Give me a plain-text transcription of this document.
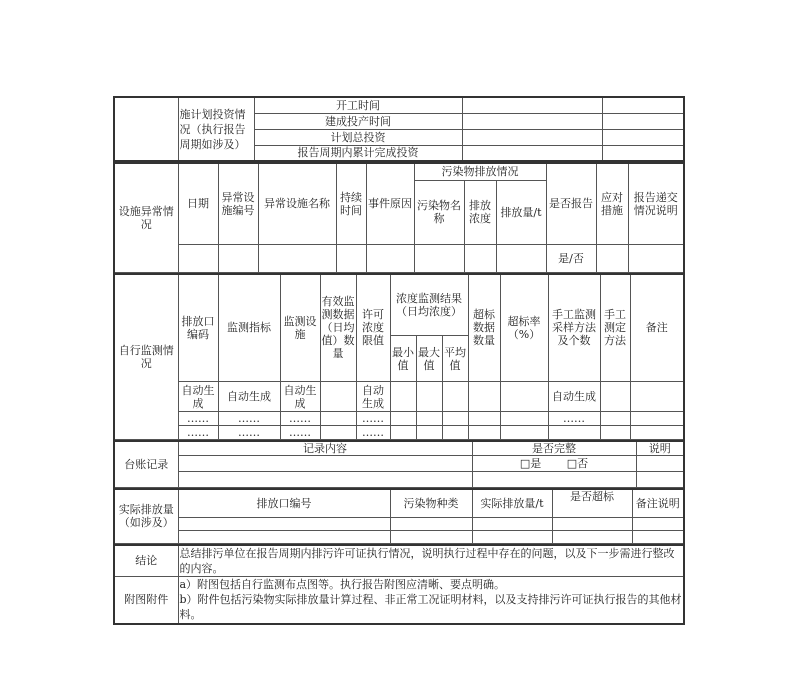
	施计划投资情况（执行报告周期如涉及）	开工时间		
		建成投产时间		
		计划总投资		
		报告周期内累计完成投资		
设施异常情况	日期	异常设施编号	异常设施名称	持续时间	事件原因	污染物排放情况			是否报告	应对措施	报告递交情况说明
						污染物名称	排放浓度	排放量/t			
									是/否		

自行监测情况	排放口编码	监测指标	监测设施	有效监测数据（日均值）数量	许可浓度限值	浓度监测结果（日均浓度）			超标数据数量	超标率（%）	手工监测采样方法及个数	手工测定方法	备注
						最小值	最大值	平均值					
	自动生成	自动生成	自动生成		自动生成						自动生成		
	……	……	……		……						……		
	……	……	……		……								
台账记录	记录内容	是否完整	说明
		□是 □否	

实际排放量（如涉及）	排放口编号	污染物种类	实际排放量/t	是否超标	备注说明

结论	总结排污单位在报告周期内排污许可证执行情况，说明执行过程中存在的问题，以及下一步需进行整改的内容。
附图附件	a）附图包括自行监测布点图等。执行报告附图应清晰、要点明确。
b）附件包括污染物实际排放量计算过程、非正常工况证明材料，以及支持排污许可证执行报告的其他材料。
